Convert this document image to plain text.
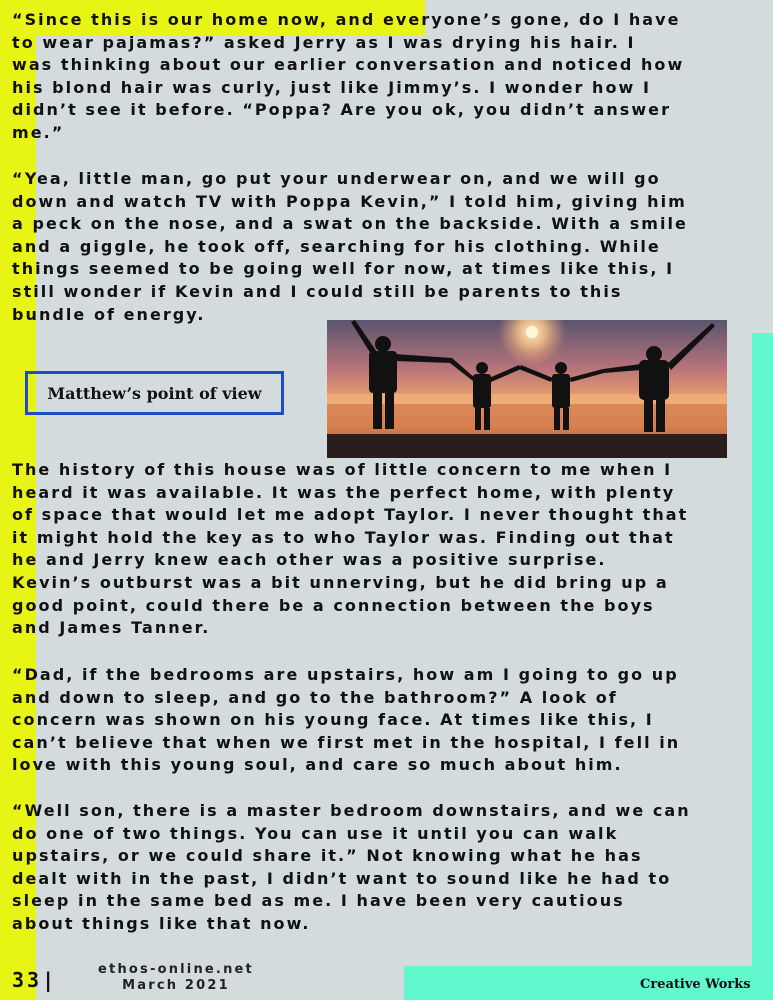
“Since this is our home now, and everyone’s gone, do I have
to wear pajamas?” asked Jerry as I was drying his hair. I
was thinking about our earlier conversation and noticed how
his blond hair was curly, just like Jimmy’s. I wonder how I
didn’t see it before. “Poppa? Are you ok, you didn’t answer
me.”
“Yea, little man, go put your underwear on, and we will go
down and watch TV with Poppa Kevin,” I told him, giving him
a peck on the nose, and a swat on the backside. With a smile
and a giggle, he took off, searching for his clothing. While
things seemed to be going well for now, at times like this, I
still wonder if Kevin and I could still be parents to this
bundle of energy.
Matthew’s point of view
The history of this house was of little concern to me when I
heard it was available. It was the perfect home, with plenty
of space that would let me adopt Taylor. I never thought that
it might hold the key as to who Taylor was. Finding out that
he and Jerry knew each other was a positive surprise.
Kevin’s outburst was a bit unnerving, but he did bring up a
good point, could there be a connection between the boys
and James Tanner.
“Dad, if the bedrooms are upstairs, how am I going to go up
and down to sleep, and go to the bathroom?” A look of
concern was shown on his young face. At times like this, I
can’t believe that when we first met in the hospital, I fell in
love with this young soul, and care so much about him.
“Well son, there is a master bedroom downstairs, and we can
do one of two things. You can use it until you can walk
upstairs, or we could share it.” Not knowing what he has
dealt with in the past, I didn’t want to sound like he had to
sleep in the same bed as me. I have been very cautious
about things like that now.
33|	ethos-online.net
March 2021	Creative Works
